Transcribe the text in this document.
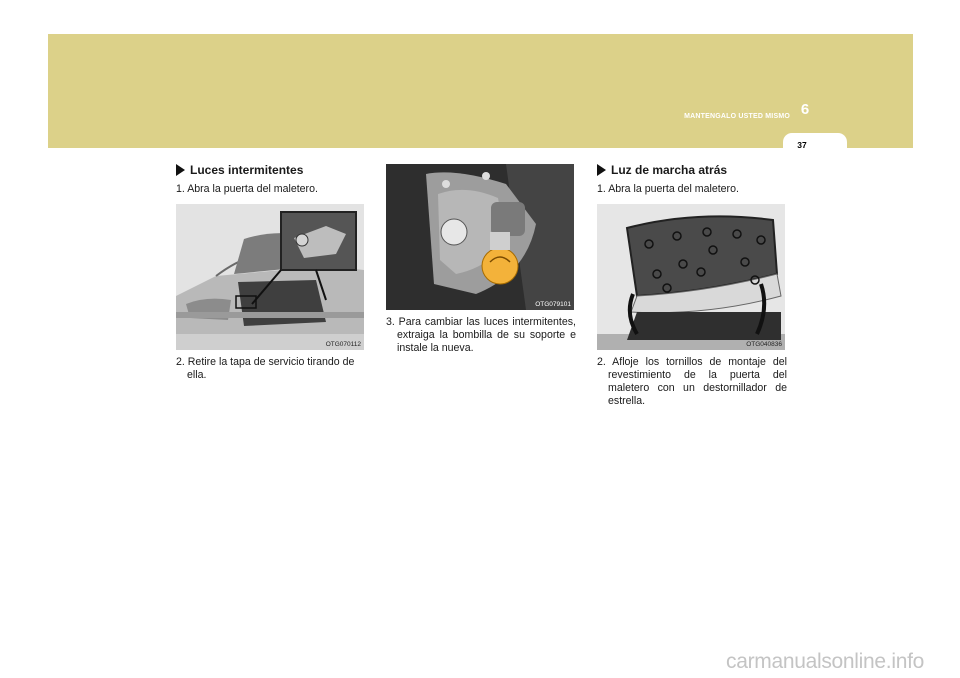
MANTENGALO USTED MISMO 6
37
Luces intermitentes
1. Abra la puerta del maletero.
OTG070112
2. Retire la tapa de servicio tirando de ella.
OTG079101
3. Para cambiar las luces intermitentes, extraiga la bombilla de su soporte e instale la nueva.
Luz de marcha atrás
1. Abra la puerta del maletero.
OTG040836
2. Afloje los tornillos de montaje del revestimiento de la puerta del maletero con un destornillador de estrella.
carmanualsonline.info
